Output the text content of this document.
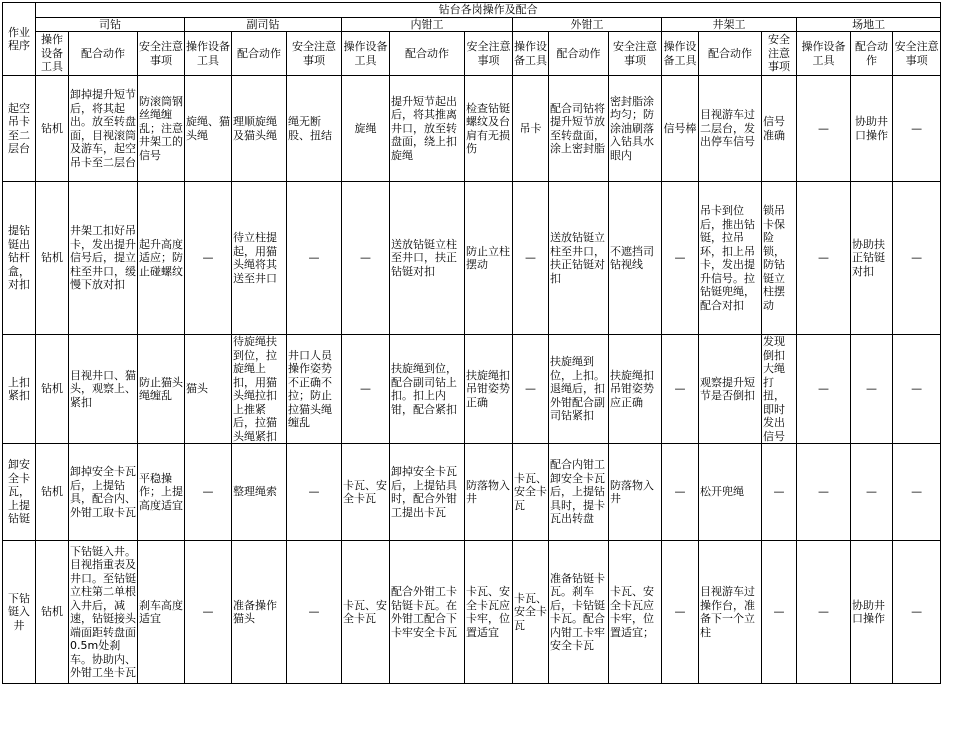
作业程序	钻台各岗操作及配合																	
	司钻			副司钻			内钳工			外钳工			井架工			场地工		
	操作设备工具	配合动作	安全注意事项	操作设备工具	配合动作	安全注意事项	操作设备工具	配合动作	安全注意事项	操作设备工具	配合动作	安全注意事项	操作设备工具	配合动作	安全注意事项	操作设备工具	配合动作	安全注意事项
起空吊卡至二层台	钻机	卸掉提升短节后，将其起出。放至转盘面，目视滚筒及游车，起空吊卡至二层台	防滚筒钢丝绳缠乱；注意井架工的信号	旋绳、猫头绳	理顺旋绳及猫头绳	绳无断股、扭结	旋绳	提升短节起出后，将其推离井口，放至转盘面，绕上扣旋绳	检查钻铤螺纹及台肩有无损伤	吊卡	配合司钻将提升短节放至转盘面，涂上密封脂	密封脂涂均匀；防涂油刷落入钻具水眼内	信号棒	目视游车过二层台，发出停车信号	信号准确	—	协助井口操作	—
提钻铤出钻杆盒，对扣	钻机	井架工扣好吊卡，发出提升信号后，提立柱至井口，缓慢下放对扣	起升高度适应；防止碰螺纹	—	待立柱提起，用猫头绳将其送至井口	—	—	送放钻铤立柱至井口，扶正钻铤对扣	防止立柱摆动	—	送放钻铤立柱至井口，扶正钻铤对扣	不遮挡司钻视线	—	吊卡到位后，推出钻铤，拉吊环，扣上吊卡，发出提升信号。拉钻铤兜绳，配合对扣	锁吊卡保险锁，防钻铤立柱摆动	—	协助扶正钻铤对扣	—
上扣紧扣	钻机	目视井口、猫头，观察上、紧扣	防止猫头绳缠乱	猫头	待旋绳扶到位，拉旋绳上扣，用猫头绳拉扣上推紧后，拉猫头绳紧扣	井口人员操作姿势不正确不拉；防止拉猫头绳缠乱	—	扶旋绳到位，配合副司钻上扣。扣上内钳，配合紧扣	扶旋绳扣吊钳姿势正确	—	扶旋绳到位，上扣。退绳后，扣外钳配合副司钻紧扣	扶旋绳扣吊钳姿势应正确	—	观察提升短节是否倒扣	发现倒扣大绳打扭，即时发出信号	—	—	—
卸安全卡瓦，上提钻铤	钻机	卸掉安全卡瓦后，上提钻具，配合内、外钳工取卡瓦	平稳操作；上提高度适宜	—	整理绳索	—	卡瓦、安全卡瓦	卸掉安全卡瓦后，上提钻具时，配合外钳工提出卡瓦	防落物入井	卡瓦、安全卡瓦	配合内钳工卸安全卡瓦后，上提钻具时，提卡瓦出转盘	防落物入井	—	松开兜绳	—	—	—	—
下钻铤入井	钻机	下钻铤入井。目视指重表及井口。至钻铤立柱第二单根入井后，减速，钻铤接头端面距转盘面0.5m处刹车。协助内、外钳工坐卡瓦	刹车高度适宜	—	准备操作猫头	—	卡瓦、安全卡瓦	配合外钳工卡钻铤卡瓦。在外钳工配合下卡牢安全卡瓦	卡瓦、安全卡瓦应卡牢，位置适宜	卡瓦、安全卡瓦	准备钻铤卡瓦。刹车后，卡钻铤卡瓦。配合内钳工卡牢安全卡瓦	卡瓦、安全卡瓦应卡牢，位置适宜；	—	目视游车过操作台，准备下一个立柱	—	—	协助井口操作	—
